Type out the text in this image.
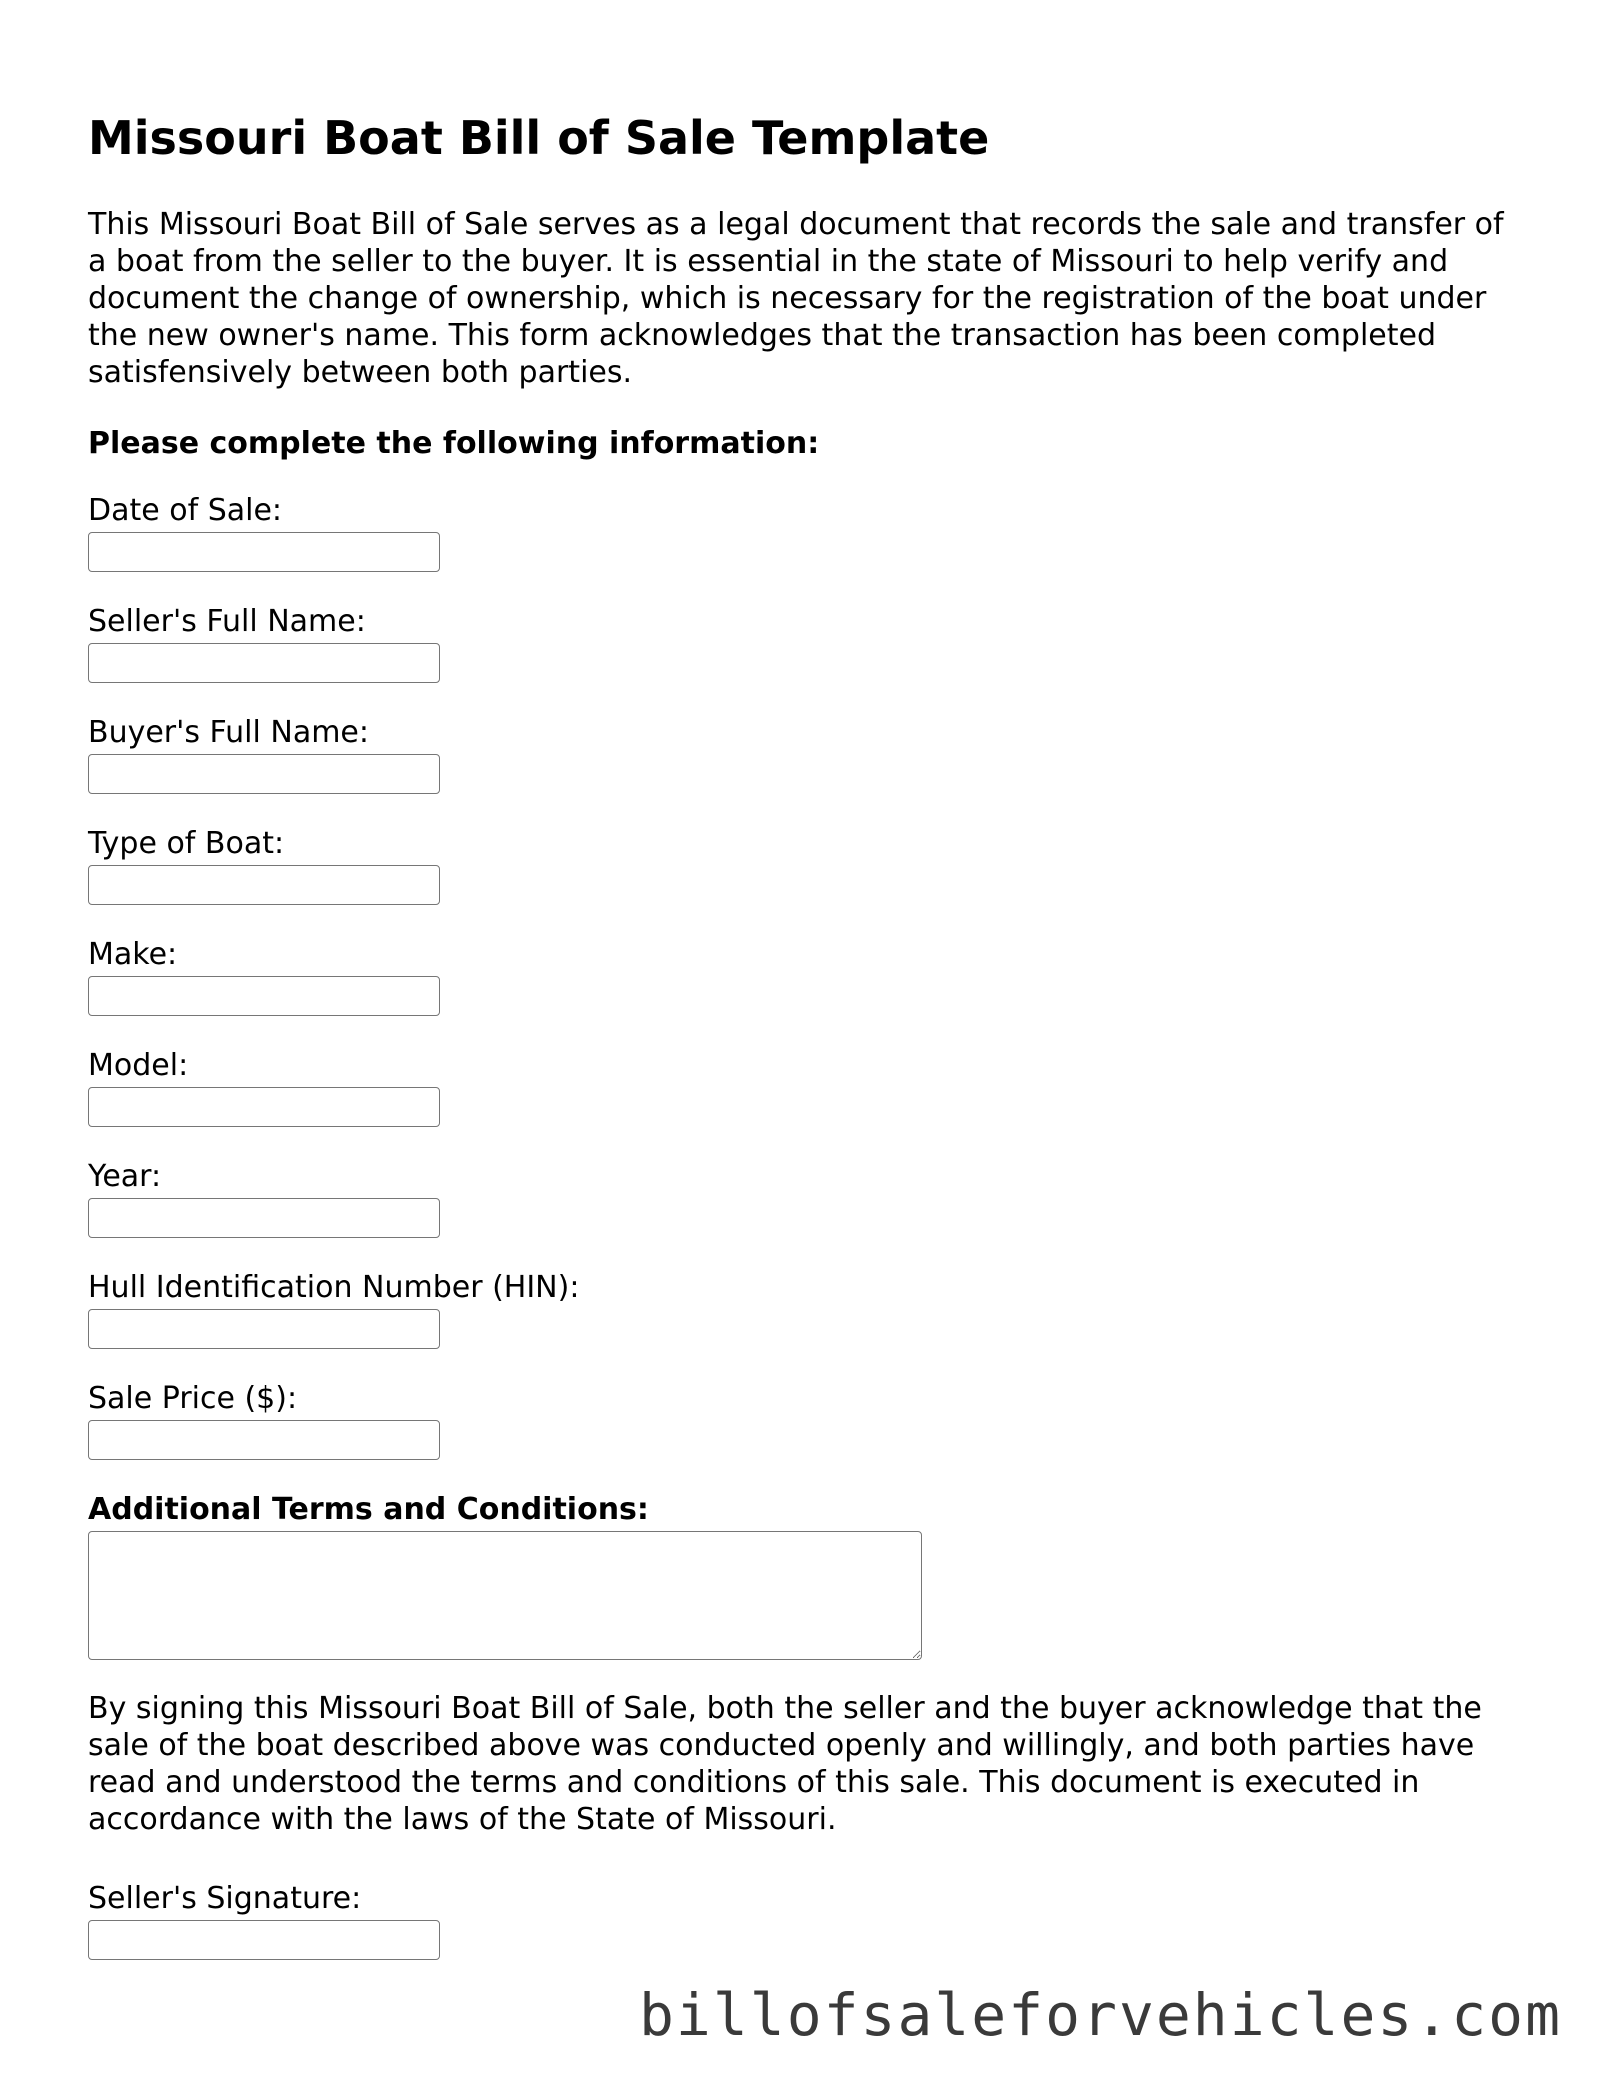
Missouri Boat Bill of Sale Template

This Missouri Boat Bill of Sale serves as a legal document that records the sale and transfer of a boat from the seller to the buyer. It is essential in the state of Missouri to help verify and document the change of ownership, which is necessary for the registration of the boat under the new owner's name. This form acknowledges that the transaction has been completed satisfensively between both parties.

Please complete the following information:

Date of Sale:
Seller's Full Name:
Buyer's Full Name:
Type of Boat:
Make:
Model:
Year:
Hull Identification Number (HIN):
Sale Price ($):
Additional Terms and Conditions:

By signing this Missouri Boat Bill of Sale, both the seller and the buyer acknowledge that the sale of the boat described above was conducted openly and willingly, and both parties have read and understood the terms and conditions of this sale. This document is executed in accordance with the laws of the State of Missouri.

Seller's Signature:
billofsaleforvehicles.com
